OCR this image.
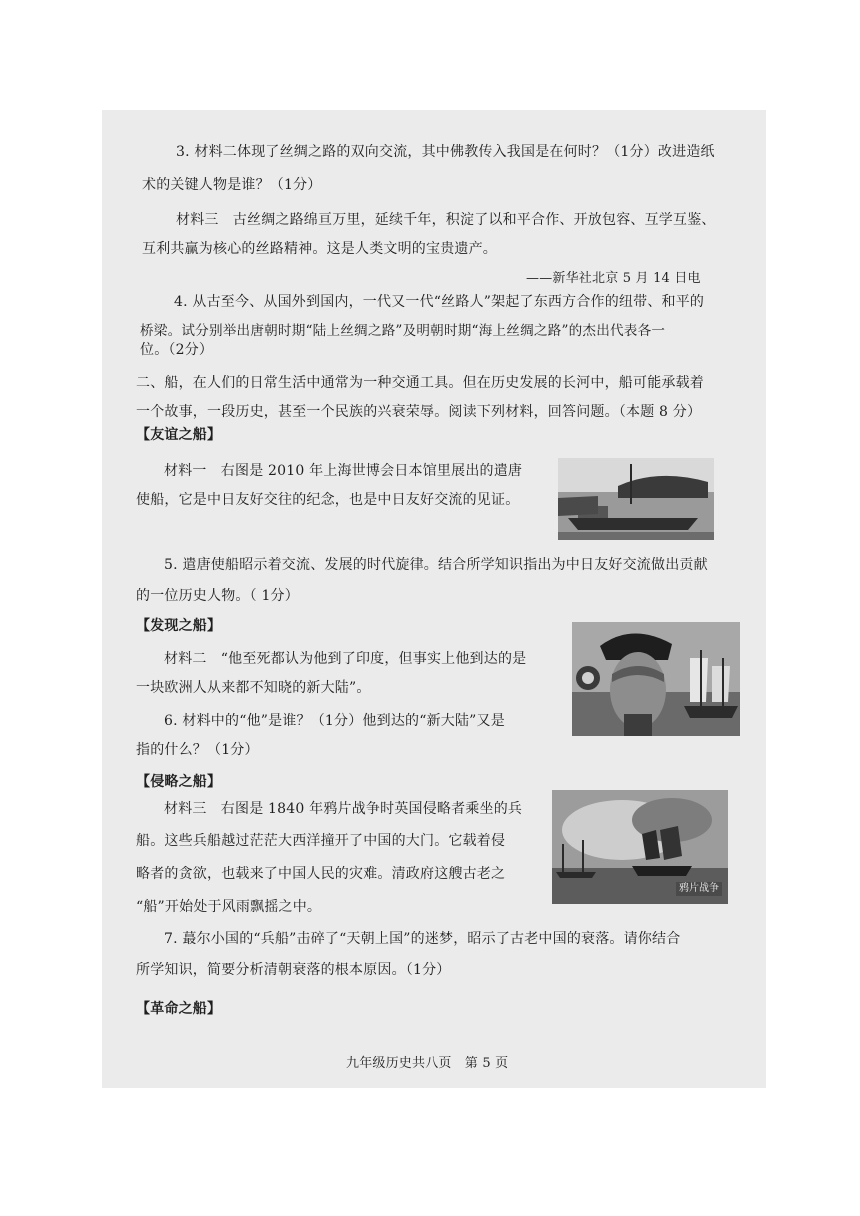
3. 材料二体现了丝绸之路的双向交流，其中佛教传入我国是在何时？（1分）改进造纸
术的关键人物是谁？（1分）
材料三　古丝绸之路绵亘万里，延续千年，积淀了以和平合作、开放包容、互学互鉴、
互利共赢为核心的丝路精神。这是人类文明的宝贵遗产。
——新华社北京 5 月 14 日电
4. 从古至今、从国外到国内，一代又一代“丝路人”架起了东西方合作的纽带、和平的
桥梁。试分别举出唐朝时期“陆上丝绸之路”及明朝时期“海上丝绸之路”的杰出代表各一
位。（2分）
二、船，在人们的日常生活中通常为一种交通工具。但在历史发展的长河中，船可能承载着
一个故事，一段历史，甚至一个民族的兴衰荣辱。阅读下列材料，回答问题。（本题 8 分）
【友谊之船】
材料一　右图是 2010 年上海世博会日本馆里展出的遣唐
使船，它是中日友好交往的纪念，也是中日友好交流的见证。
5. 遣唐使船昭示着交流、发展的时代旋律。结合所学知识指出为中日友好交流做出贡献
的一位历史人物。（ 1分）
【发现之船】
材料二　“他至死都认为他到了印度，但事实上他到达的是
一块欧洲人从来都不知晓的新大陆”。
6. 材料中的“他”是谁？（1分）他到达的“新大陆”又是
指的什么？（1分）
【侵略之船】
材料三　右图是 1840 年鸦片战争时英国侵略者乘坐的兵
船。这些兵船越过茫茫大西洋撞开了中国的大门。它载着侵
略者的贪欲，也载来了中国人民的灾难。清政府这艘古老之
“船”开始处于风雨飘摇之中。
7. 蕞尔小国的“兵船”击碎了“天朝上国”的迷梦，昭示了古老中国的衰落。请你结合
所学知识，简要分析清朝衰落的根本原因。（1分）
【革命之船】
九年级历史共八页　第 5 页
鸦片战争
